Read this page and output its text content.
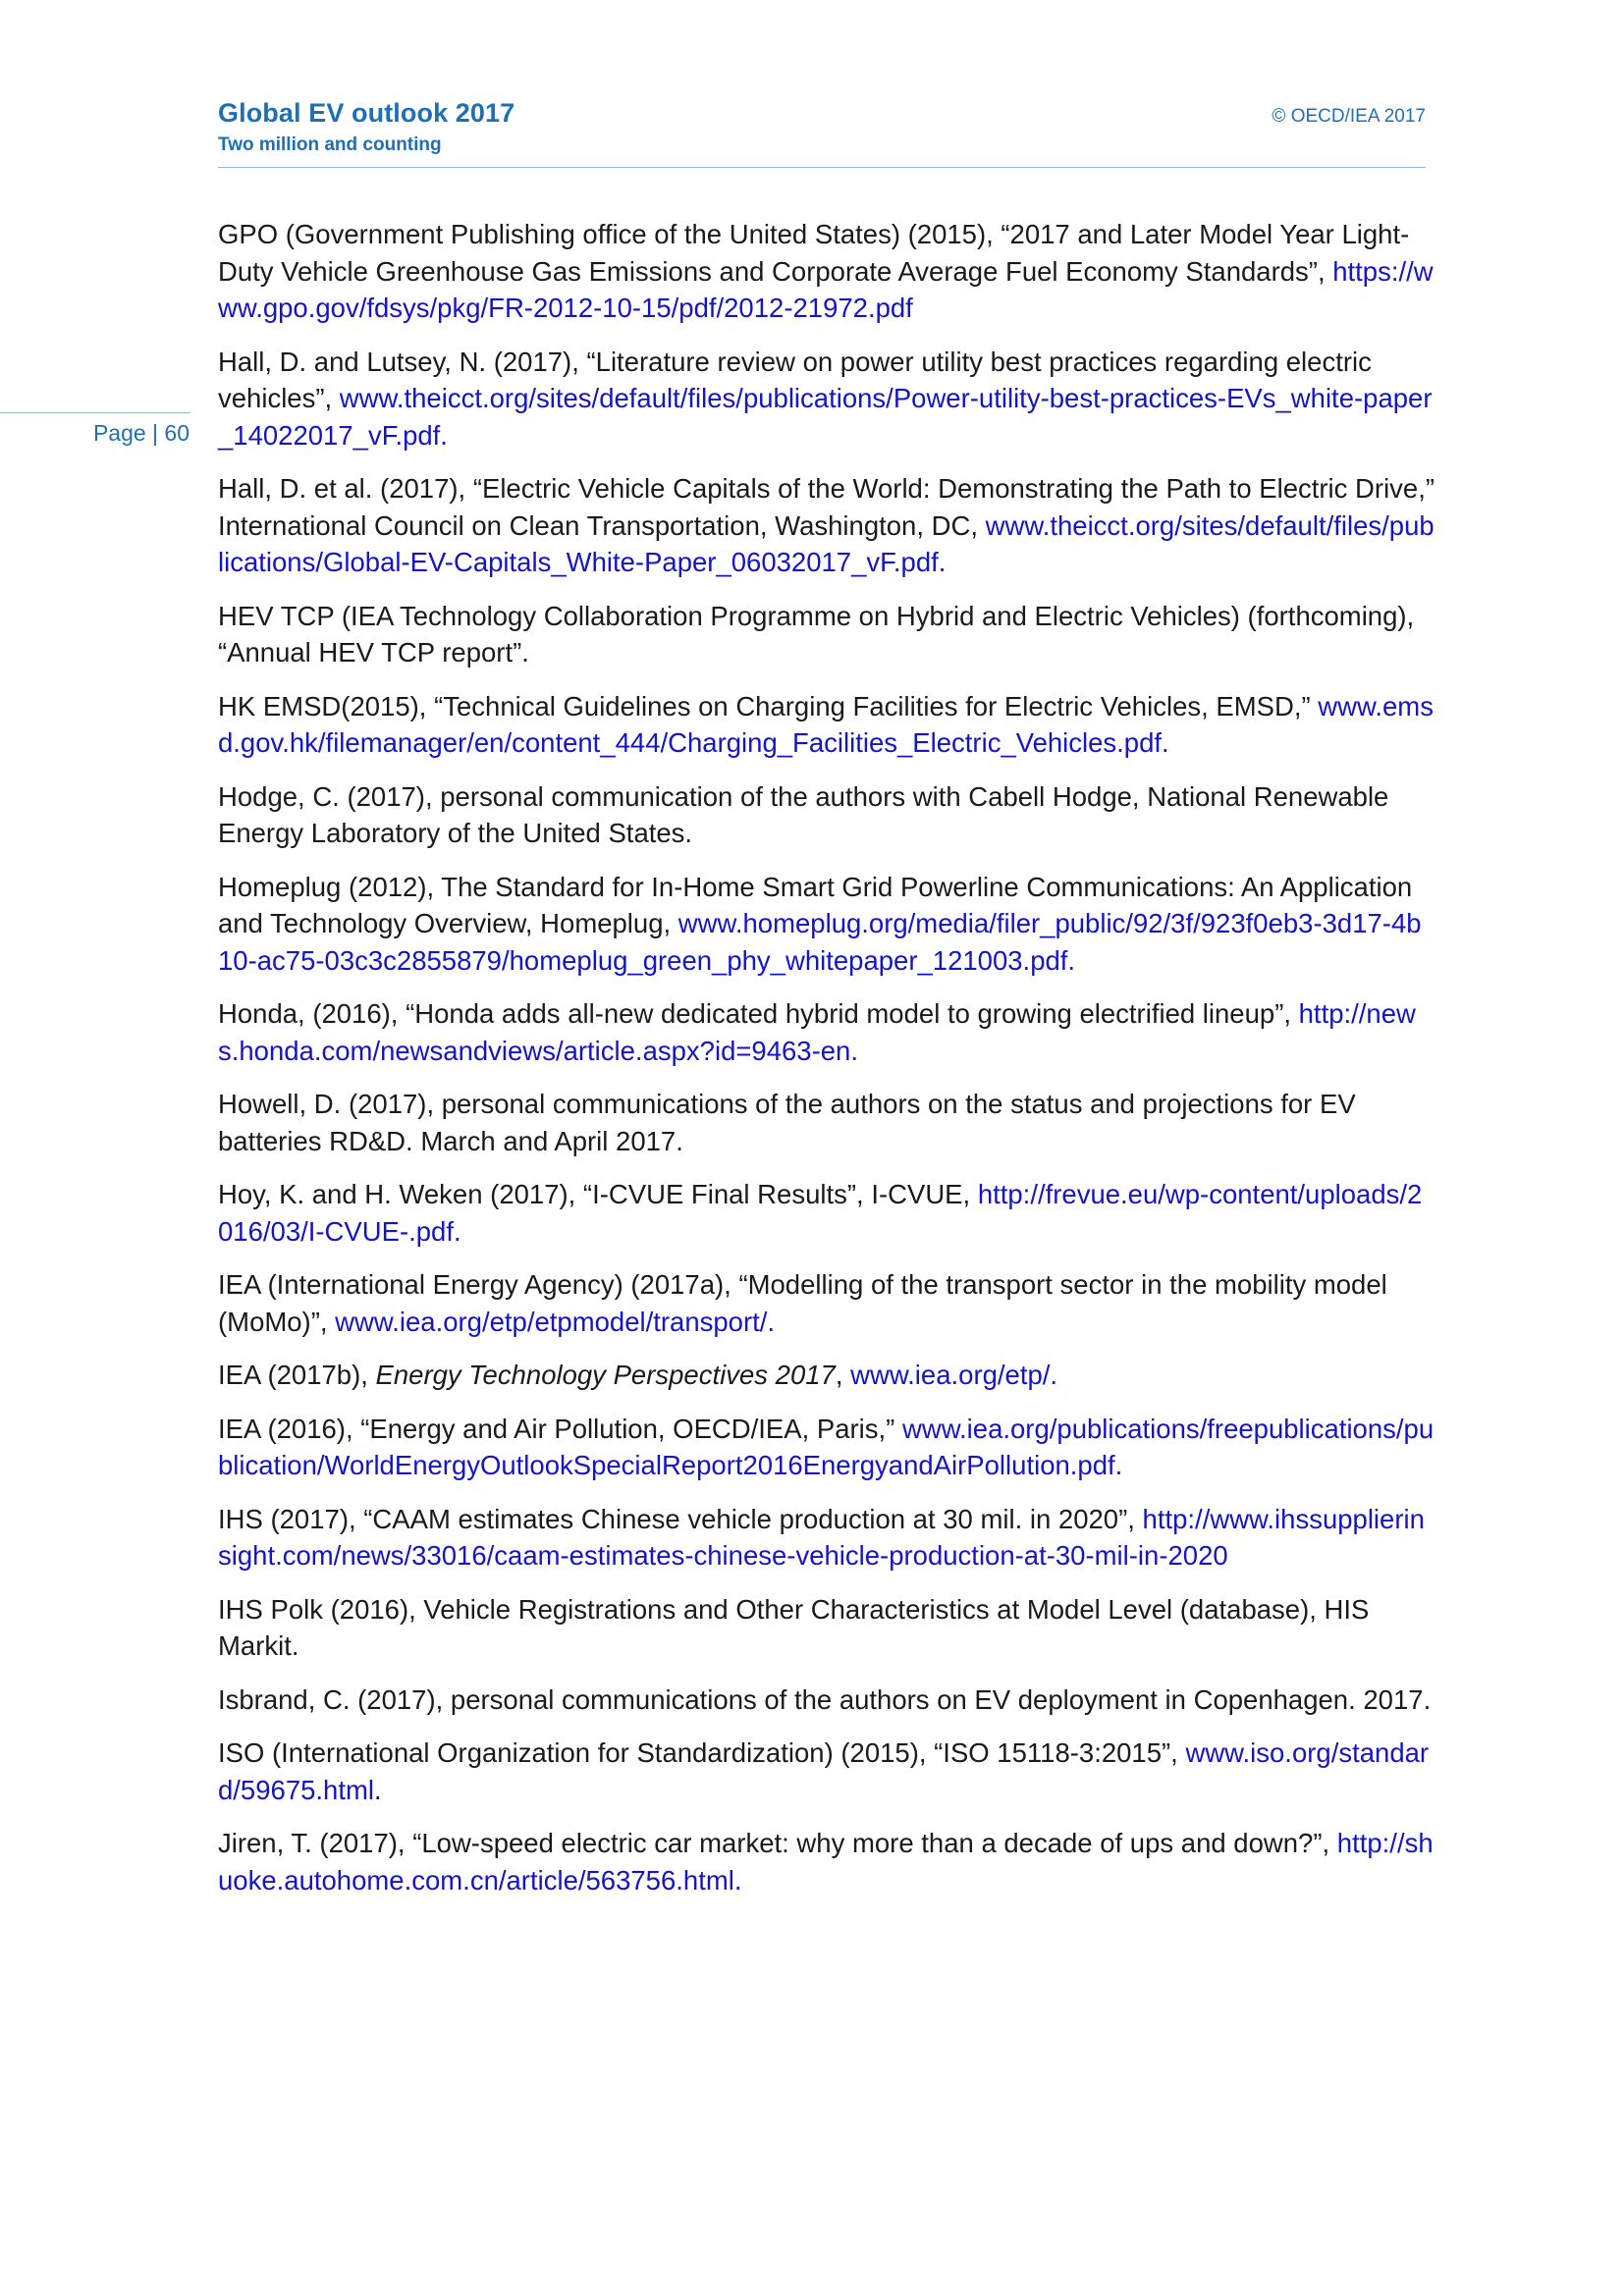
Global EV outlook 2017
Two million and counting
© OECD/IEA 2017
Page | 60

GPO (Government Publishing office of the United States) (2015), “2017 and Later Model Year Light-Duty Vehicle Greenhouse Gas Emissions and Corporate Average Fuel Economy Standards”, https://www.gpo.gov/fdsys/pkg/FR-2012-10-15/pdf/2012-21972.pdf

Hall, D. and Lutsey, N. (2017), “Literature review on power utility best practices regarding electric vehicles”, www.theicct.org/sites/default/files/publications/Power-utility-best-practices-EVs_white-paper_14022017_vF.pdf.

Hall, D. et al. (2017), “Electric Vehicle Capitals of the World: Demonstrating the Path to Electric Drive,” International Council on Clean Transportation, Washington, DC, www.theicct.org/sites/default/files/publications/Global-EV-Capitals_White-Paper_06032017_vF.pdf.

HEV TCP (IEA Technology Collaboration Programme on Hybrid and Electric Vehicles) (forthcoming), “Annual HEV TCP report”.

HK EMSD(2015), “Technical Guidelines on Charging Facilities for Electric Vehicles, EMSD,” www.emsd.gov.hk/filemanager/en/content_444/Charging_Facilities_Electric_Vehicles.pdf.

Hodge, C. (2017), personal communication of the authors with Cabell Hodge, National Renewable Energy Laboratory of the United States.

Homeplug (2012), The Standard for In-Home Smart Grid Powerline Communications: An Application and Technology Overview, Homeplug, www.homeplug.org/media/filer_public/92/3f/923f0eb3-3d17-4b10-ac75-03c3c2855879/homeplug_green_phy_whitepaper_121003.pdf.

Honda, (2016), “Honda adds all-new dedicated hybrid model to growing electrified lineup”, http://news.honda.com/newsandviews/article.aspx?id=9463-en.

Howell, D. (2017), personal communications of the authors on the status and projections for EV batteries RD&D. March and April 2017.

Hoy, K. and H. Weken (2017), “I-CVUE Final Results”, I-CVUE, http://frevue.eu/wp-content/uploads/2016/03/I-CVUE-.pdf.

IEA (International Energy Agency) (2017a), “Modelling of the transport sector in the mobility model (MoMo)”, www.iea.org/etp/etpmodel/transport/.

IEA (2017b), Energy Technology Perspectives 2017, www.iea.org/etp/.

IEA (2016), “Energy and Air Pollution, OECD/IEA, Paris,” www.iea.org/publications/freepublications/publication/WorldEnergyOutlookSpecialReport2016EnergyandAirPollution.pdf.

IHS (2017), “CAAM estimates Chinese vehicle production at 30 mil. in 2020”, http://www.ihssupplierinsight.com/news/33016/caam-estimates-chinese-vehicle-production-at-30-mil-in-2020

IHS Polk (2016), Vehicle Registrations and Other Characteristics at Model Level (database), HIS Markit.

Isbrand, C. (2017), personal communications of the authors on EV deployment in Copenhagen. 2017.

ISO (International Organization for Standardization) (2015), “ISO 15118-3:2015”, www.iso.org/standard/59675.html.

Jiren, T. (2017), “Low-speed electric car market: why more than a decade of ups and down?”, http://shuoke.autohome.com.cn/article/563756.html.
